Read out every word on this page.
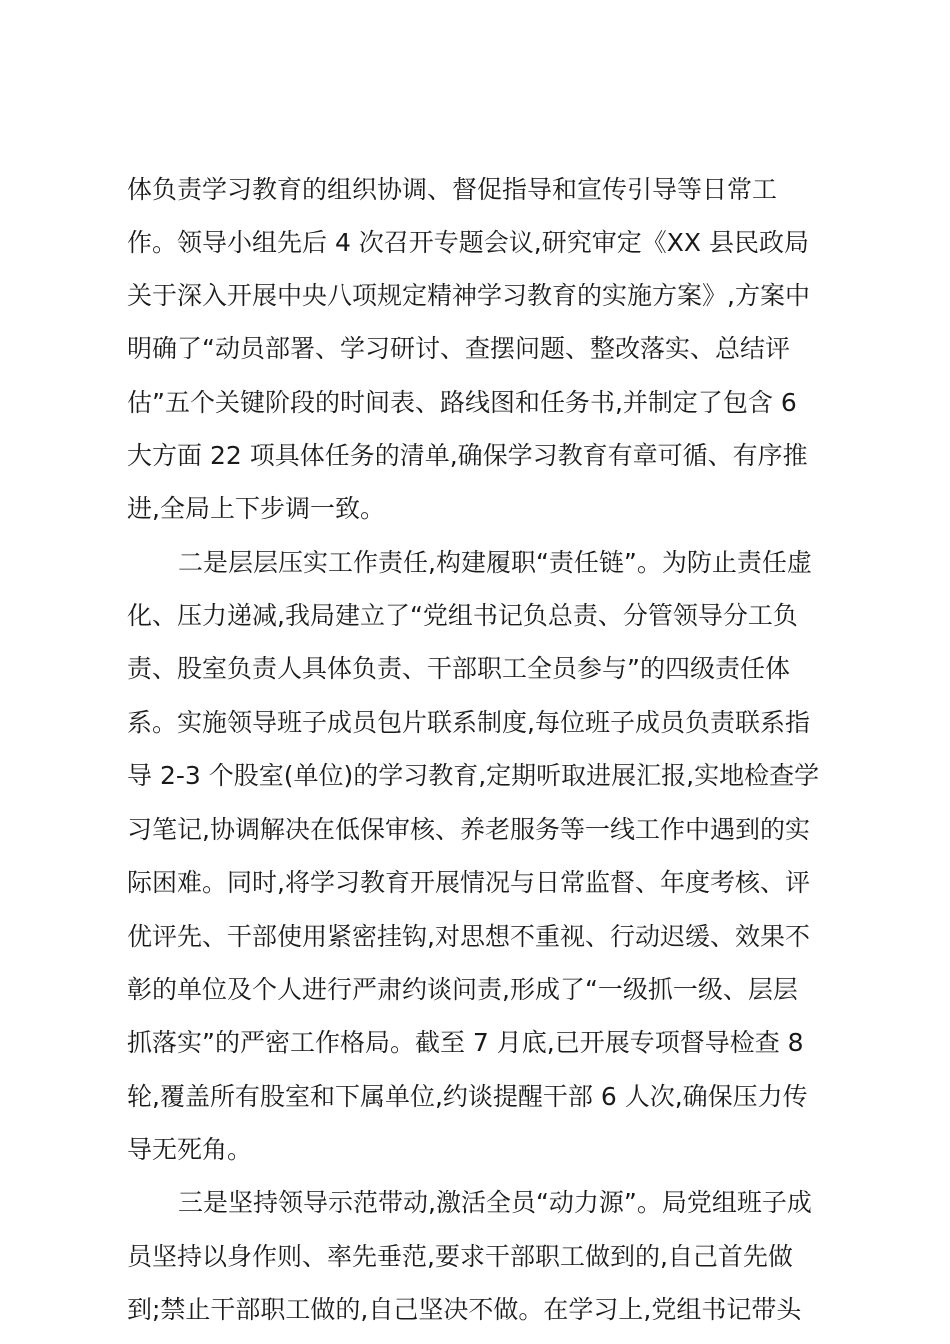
体负责学习教育的组织协调、督促指导和宣传引导等日常工
作。领导小组先后 4 次召开专题会议,研究审定《XX 县民政局
关于深入开展中央八项规定精神学习教育的实施方案》,方案中
明确了“动员部署、学习研讨、查摆问题、整改落实、总结评
估”五个关键阶段的时间表、路线图和任务书,并制定了包含 6
大方面 22 项具体任务的清单,确保学习教育有章可循、有序推
进,全局上下步调一致。
二是层层压实工作责任,构建履职“责任链”。为防止责任虚
化、压力递减,我局建立了“党组书记负总责、分管领导分工负
责、股室负责人具体负责、干部职工全员参与”的四级责任体
系。实施领导班子成员包片联系制度,每位班子成员负责联系指
导 2-3 个股室(单位)的学习教育,定期听取进展汇报,实地检查学
习笔记,协调解决在低保审核、养老服务等一线工作中遇到的实
际困难。同时,将学习教育开展情况与日常监督、年度考核、评
优评先、干部使用紧密挂钩,对思想不重视、行动迟缓、效果不
彰的单位及个人进行严肃约谈问责,形成了“一级抓一级、层层
抓落实”的严密工作格局。截至 7 月底,已开展专项督导检查 8
轮,覆盖所有股室和下属单位,约谈提醒干部 6 人次,确保压力传
导无死角。
三是坚持领导示范带动,激活全员“动力源”。局党组班子成
员坚持以身作则、率先垂范,要求干部职工做到的,自己首先做
到;禁止干部职工做的,自己坚决不做。在学习上,党组书记带头
